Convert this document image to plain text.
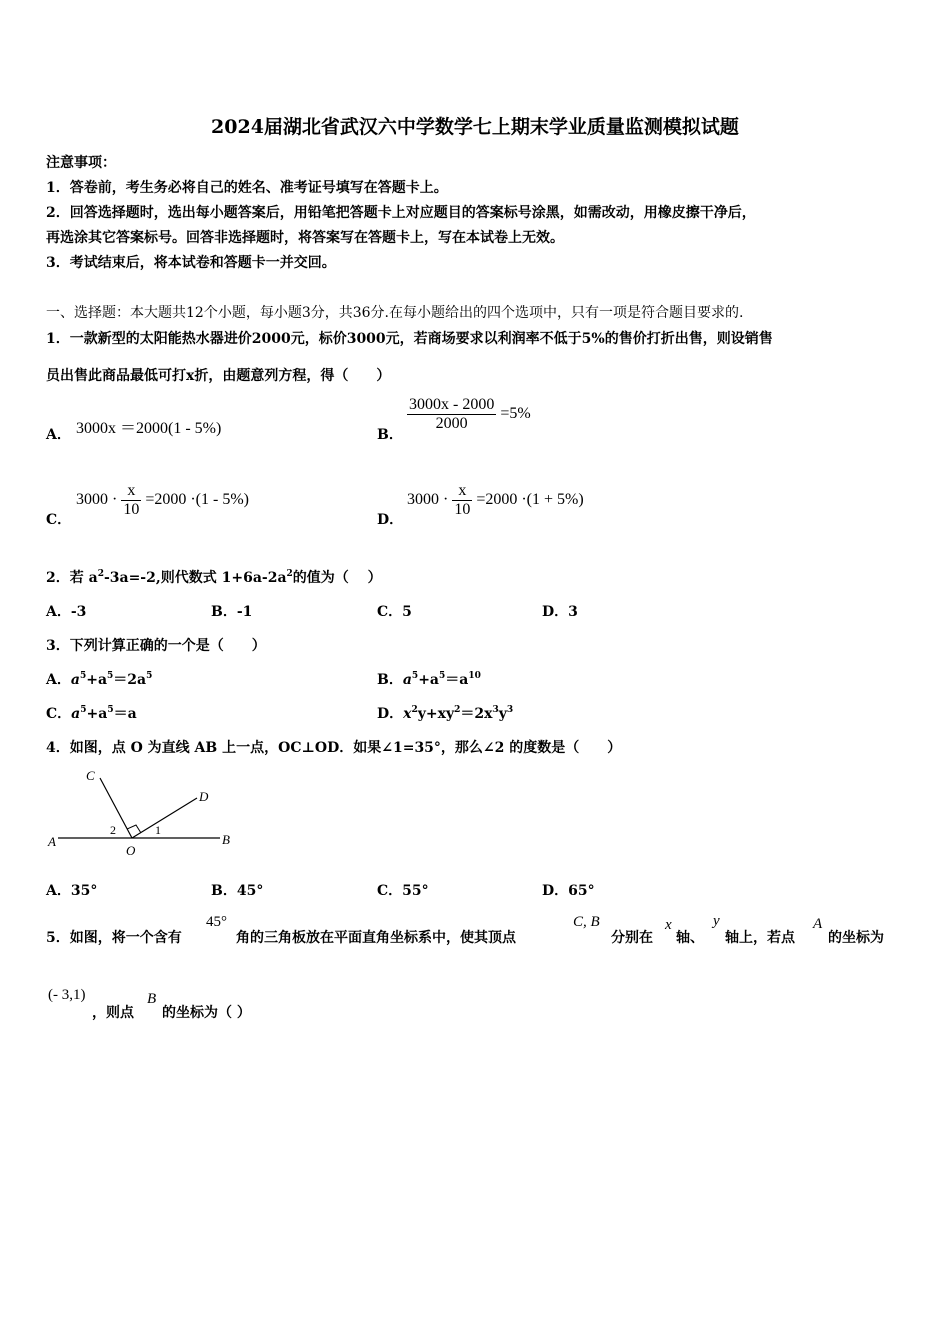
2024届湖北省武汉六中学数学七上期末学业质量监测模拟试题
注意事项：
1．答卷前，考生务必将自己的姓名、准考证号填写在答题卡上。
2．回答选择题时，选出每小题答案后，用铅笔把答题卡上对应题目的答案标号涂黑，如需改动，用橡皮擦干净后，
再选涂其它答案标号。回答非选择题时，将答案写在答题卡上，写在本试卷上无效。
3．考试结束后，将本试卷和答题卡一并交回。
一、选择题：本大题共12个小题，每小题3分，共36分.在每小题给出的四个选项中，只有一项是符合题目要求的.
1．一款新型的太阳能热水器进价2000元，标价3000元，若商场要求以利润率不低于5%的售价打折出售，则设销售
员出售此商品最低可打x折，由题意列方程，得（　　）
A． 3000x ＝2000(1 - 5%)	B．
$\frac{3000x - 2000}{2000} =5\%$
C．
$3000 \cdot \frac{x}{10} =2000 \cdot(1 - 5\%)$
D．
$3000 \cdot \frac{x}{10} =2000 \cdot(1 + 5\%)$
2．若 $a^2-3a=-2$,则代数式 $1+6a-2a^2$的值为（　 ）
A．-3	B．-1	C．5	D．3
3．下列计算正确的一个是（　　）
A．$a^5+a^5=2a^5$	B．$a^5+a^5=a^{10}$
C．$a^5+a^5=a$	D．$x^2y+xy^2=2x^3y^3$
4．如图，点 O 为直线 AB 上一点，OC⊥OD．如果∠1=35°，那么∠2 的度数是（　　）
A	B
C
D
O
1
2
A．35°	B．45°	C．55°	D．65°
5．如图，将一个含有
45°
角的三角板放在平面直角坐标系中，使其顶点
C, B
分别在
x
轴、
y
轴上，若点
A
的坐标为
(- 3,1)
，则点
B
的坐标为（ ）
